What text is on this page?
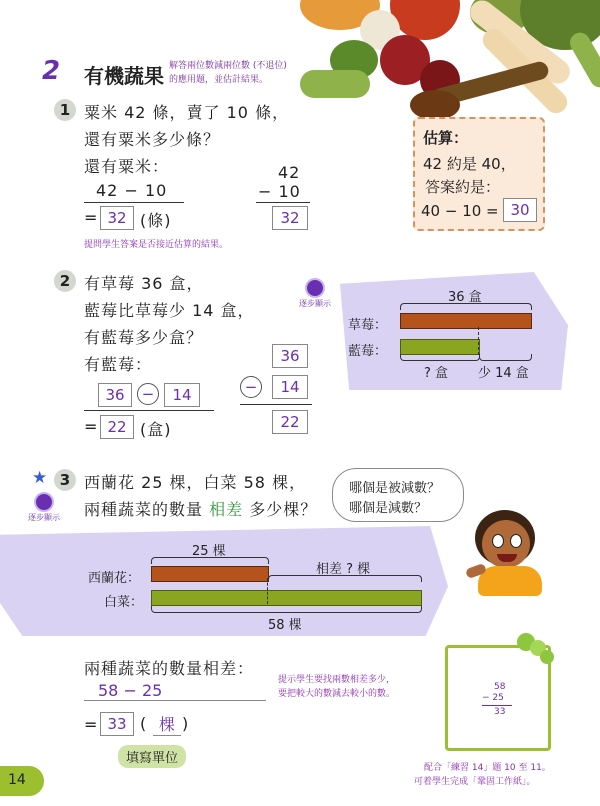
2 有機蔬果 解答兩位數減兩位數 (不退位)
的應用題，並估計結果。
1 粟米 42 條，賣了 10 條，
還有粟米多少條？
還有粟米：
42 − 10
= 32 (條)
提問學生答案是否接近估算的結果。
42
− 10
32
估算：
42 約是 40，
答案約是：
40 − 10 = 30
2 有草莓 36 盒，
藍莓比草莓少 14 盒，
有藍莓多少盒？
有藍莓：
36	−	14
= 22 (盒)
36
−	14
22
逐步顯示	36 盒
草莓：
藍莓：
? 盒 少 14 盒
★ 3 西蘭花 25 棵，白菜 58 棵，
兩種蔬菜的數量 相差 多少棵？
逐步顯示
哪個是被減數？
哪個是減數？
25 棵
西蘭花：
相差 ? 棵
白菜：
58 棵
兩種蔬菜的數量相差：
58 − 25
= 33 ( 棵 )
填寫單位
提示學生要找兩數相差多少，
要把較大的數減去較小的數。
58
− 25
33
14
配合「練習 14」題 10 至 11。
可着學生完成「鞏固工作紙」。
